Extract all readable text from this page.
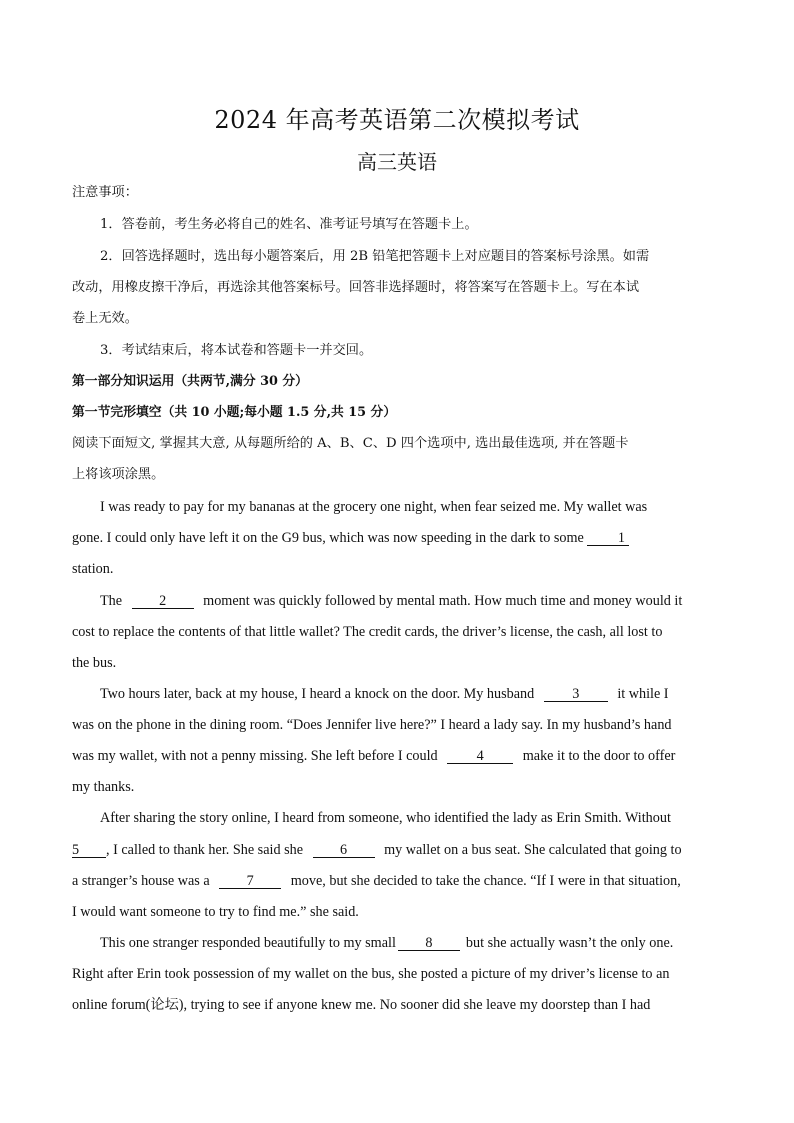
2024 年高考英语第二次模拟考试
高三英语
注意事项：
1．答卷前，考生务必将自己的姓名、准考证号填写在答题卡上。
2．回答选择题时，选出每小题答案后，用 2B 铅笔把答题卡上对应题目的答案标号涂黑。如需
改动，用橡皮擦干净后，再选涂其他答案标号。回答非选择题时，将答案写在答题卡上。写在本试
卷上无效。
3．考试结束后，将本试卷和答题卡一并交回。
第一部分知识运用（共两节,满分 30 分）
第一节完形填空（共 10 小题;每小题 1.5 分,共 15 分）
阅读下面短文, 掌握其大意, 从每题所给的 A、B、C、D 四个选项中, 选出最佳选项, 并在答题卡
上将该项涂黑。
I was ready to pay for my bananas at the grocery one night, when fear seized me. My wallet was
gone. I could only have left it on the G9 bus, which was now speeding in the dark to some 1
station.
The	2	moment was quickly followed by mental math. How much time and money would it
cost to replace the contents of that little wallet? The credit cards, the driver’s license, the cash, all lost to
the bus.
Two hours later, back at my house, I heard a knock on the door. My husband	3	it while I
was on the phone in the dining room. “Does Jennifer live here?” I heard a lady say. In my husband’s hand
was my wallet, with not a penny missing. She left before I could	4	make it to the door to offer
my thanks.
After sharing the story online, I heard from someone, who identified the lady as Erin Smith. Without
5 , I called to thank her. She said she	6	my wallet on a bus seat. She calculated that going to
a stranger’s house was a	7	move, but she decided to take the chance. “If I were in that situation,
I would want someone to try to find me.” she said.
This one stranger responded beautifully to my small 8 but she actually wasn’t the only one.
Right after Erin took possession of my wallet on the bus, she posted a picture of my driver’s license to an
online forum(论坛), trying to see if anyone knew me. No sooner did she leave my doorstep than I had
